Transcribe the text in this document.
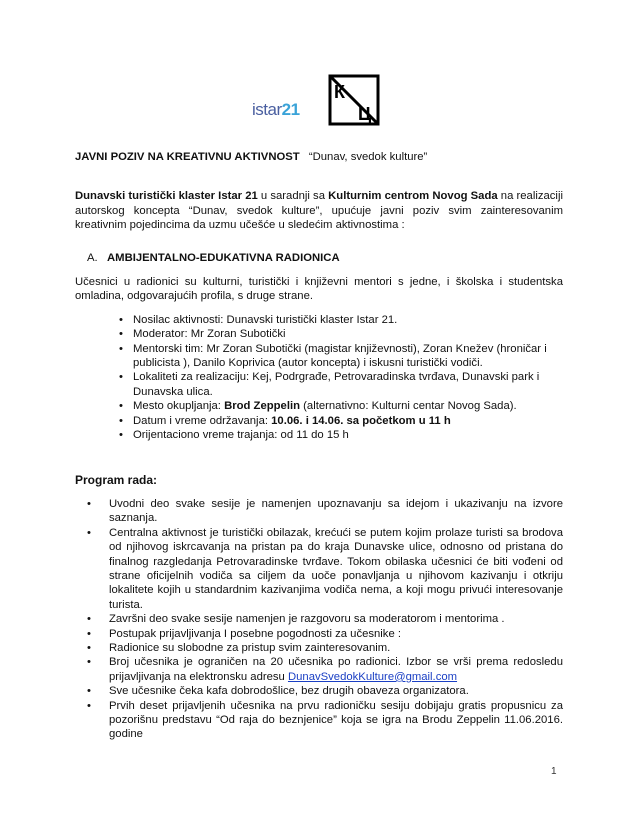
istar21
К
Ц

JAVNI POZIV NA KREATIVNU AKTIVNOST “Dunav, svedok kulture”

Dunavski turistički klaster Istar 21 u saradnji sa Kulturnim centrom Novog Sada na realizaciji autorskog koncepta “Dunav, svedok kulture”, upućuje javni poziv svim zainteresovanim kreativnim pojedincima da uzmu učešće u sledećim aktivnostima :

A. AMBIJENTALNO-EDUKATIVNA RADIONICA

Učesnici u radionici su kulturni, turistički i književni mentori s jedne, i školska i studentska omladina, odgovarajućih profila, s druge strane.

• Nosilac aktivnosti: Dunavski turistički klaster Istar 21.
• Moderator: Mr Zoran Subotički
• Mentorski tim: Mr Zoran Subotički (magistar književnosti), Zoran Knežev (hroničar i publicista ), Danilo Koprivica (autor koncepta) i iskusni turistički vodiči.
• Lokaliteti za realizaciju: Kej, Podrgrađe, Petrovaradinska tvrđava, Dunavski park i Dunavska ulica.
• Mesto okupljanja: Brod Zeppelin (alternativno: Kulturni centar Novog Sada).
• Datum i vreme održavanja: 10.06. i 14.06. sa početkom u 11 h
• Orijentaciono vreme trajanja: od 11 do 15 h

Program rada:

• Uvodni deo svake sesije je namenjen upoznavanju sa idejom i ukazivanju na izvore saznanja.
• Centralna aktivnost je turistički obilazak, krećući se putem kojim prolaze turisti sa brodova od njihovog iskrcavanja na pristan pa do kraja Dunavske ulice, odnosno od pristana do finalnog razgledanja Petrovaradinske tvrđave. Tokom obilaska učesnici će biti vođeni od strane oficijelnih vodiča sa ciljem da uoče ponavljanja u njihovom kazivanju i otkriju lokalitete kojih u standardnim kazivanjima vodiča nema, a koji mogu privući interesovanje turista.
• Završni deo svake sesije namenjen je razgovoru sa moderatorom i mentorima .
• Postupak prijavljivanja I posebne pogodnosti za učesnike :
• Radionice su slobodne za pristup svim zainteresovanim.
• Broj učesnika je ograničen na 20 učesnika po radionici. Izbor se vrši prema redosledu prijavljivanja na elektronsku adresu DunavSvedokKulture@gmail.com
• Sve učesnike čeka kafa dobrodošlice, bez drugih obaveza organizatora.
• Prvih deset prijavljenih učesnika na prvu radioničku sesiju dobijaju gratis propusnicu za pozorišnu predstavu “Od raja do beznjenice” koja se igra na Brodu Zeppelin 11.06.2016. godine
1
